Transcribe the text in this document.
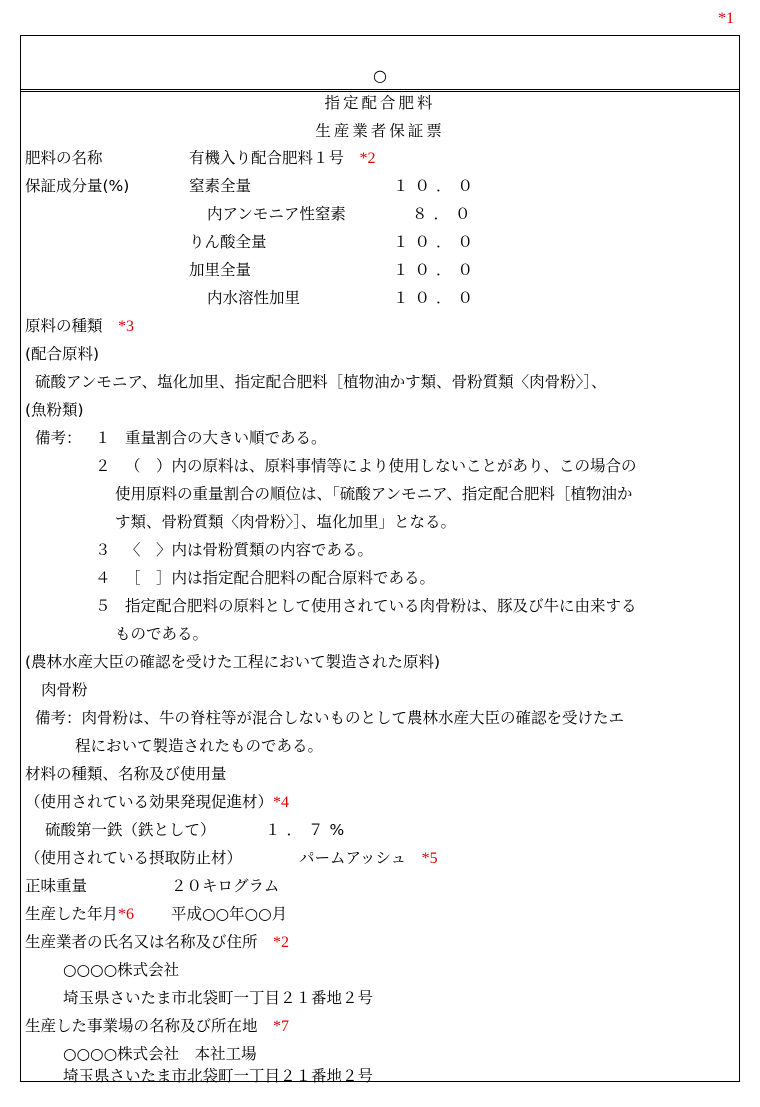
*1
○
指定配合肥料
生産業者保証票
肥料の名称	有機入り配合肥料１号　 *2
保証成分量(%)	窒素全量	１０．０
内アンモニア性窒素	８．０
りん酸全量	１０．０
加里全量	１０．０
内水溶性加里	１０．０
原料の種類　 *3
(配合原料)
硫酸アンモニア、塩化加里、指定配合肥料［植物油かす類、骨粉質類〈肉骨粉〉］、
(魚粉類)
備考： １ 重量割合の大きい順である。
２ （　）内の原料は、原料事情等により使用しないことがあり、この場合の
使用原料の重量割合の順位は、「硫酸アンモニア、指定配合肥料［植物油か
す類、骨粉質類〈肉骨粉〉］、塩化加里」となる。
３ 〈　〉内は骨粉質類の内容である。
４ ［　］内は指定配合肥料の配合原料である。
５ 指定配合肥料の原料として使用されている肉骨粉は、豚及び牛に由来する
ものである。
(農林水産大臣の確認を受けた工程において製造された原料)
肉骨粉
備考：肉骨粉は、牛の脊柱等が混合しないものとして農林水産大臣の確認を受けたエ
程において製造されたものである。
材料の種類、名称及び使用量
（使用されている効果発現促進材）*4
硫酸第一鉄（鉄として）	１．７%
（使用されている摂取防止材）	パームアッシュ　 *5
正味重量	２０キログラム
生産した年月*6 平成○○年○○月
生産業者の氏名又は名称及び住所　 *2
○○○○株式会社
埼玉県さいたま市北袋町一丁目２１番地２号
生産した事業場の名称及び所在地　 *7
○○○○株式会社　本社工場
埼玉県さいたま市北袋町一丁目２１番地２号
